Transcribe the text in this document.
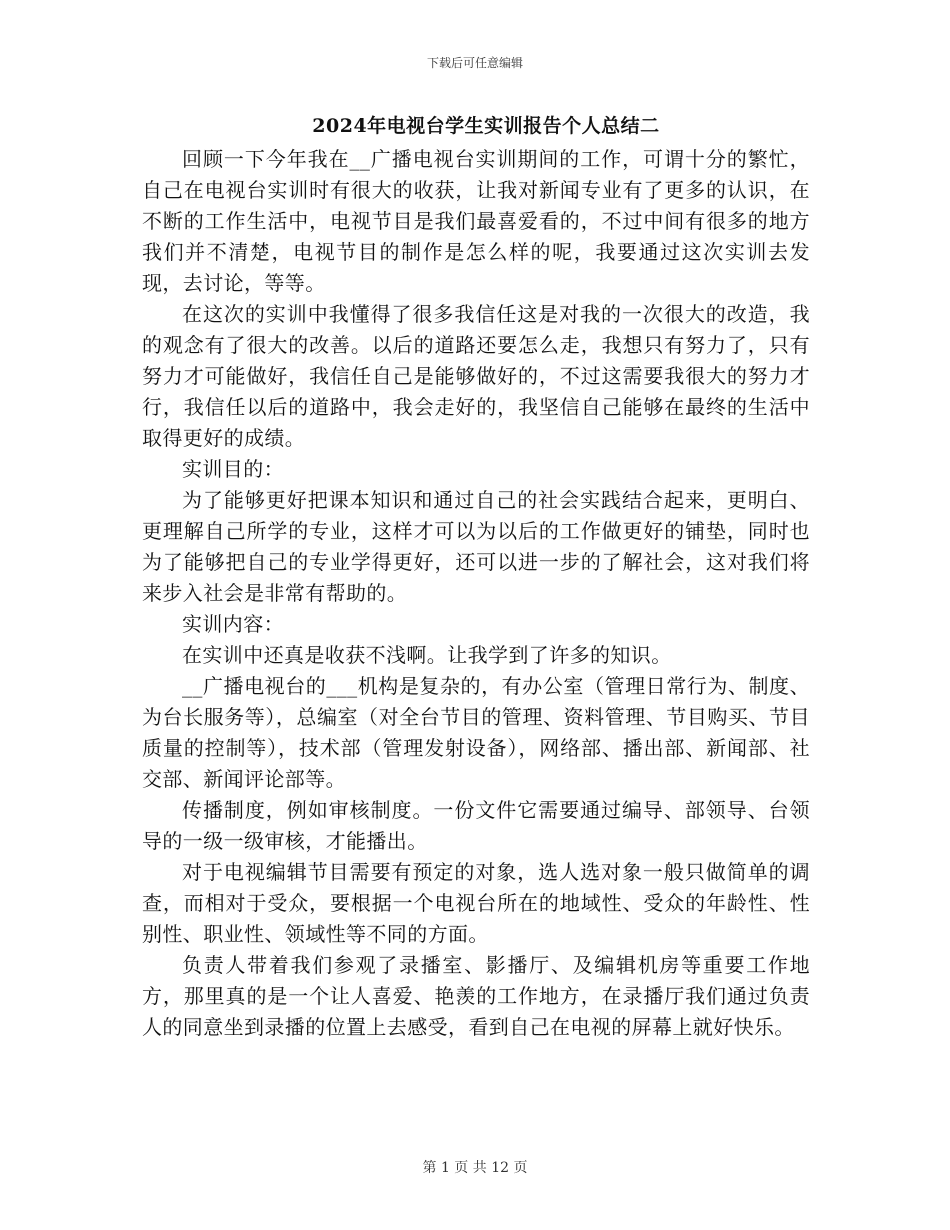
下载后可任意编辑
2024年电视台学生实训报告个人总结二

回顾一下今年我在__广播电视台实训期间的工作，可谓十分的繁忙，自己在电视台实训时有很大的收获，让我对新闻专业有了更多的认识，在不断的工作生活中，电视节目是我们最喜爱看的，不过中间有很多的地方我们并不清楚，电视节目的制作是怎么样的呢，我要通过这次实训去发现，去讨论，等等。

在这次的实训中我懂得了很多我信任这是对我的一次很大的改造，我的观念有了很大的改善。以后的道路还要怎么走，我想只有努力了，只有努力才可能做好，我信任自己是能够做好的，不过这需要我很大的努力才行，我信任以后的道路中，我会走好的，我坚信自己能够在最终的生活中取得更好的成绩。

实训目的：

为了能够更好把课本知识和通过自己的社会实践结合起来，更明白、更理解自己所学的专业，这样才可以为以后的工作做更好的铺垫，同时也为了能够把自己的专业学得更好，还可以进一步的了解社会，这对我们将来步入社会是非常有帮助的。

实训内容：

在实训中还真是收获不浅啊。让我学到了许多的知识。

__广播电视台的___机构是复杂的，有办公室（管理日常行为、制度、为台长服务等），总编室（对全台节目的管理、资料管理、节目购买、节目质量的控制等），技术部（管理发射设备），网络部、播出部、新闻部、社交部、新闻评论部等。

传播制度，例如审核制度。一份文件它需要通过编导、部领导、台领导的一级一级审核，才能播出。

对于电视编辑节目需要有预定的对象，选人选对象一般只做简单的调查，而相对于受众，要根据一个电视台所在的地域性、受众的年龄性、性别性、职业性、领域性等不同的方面。

负责人带着我们参观了录播室、影播厅、及编辑机房等重要工作地方，那里真的是一个让人喜爱、艳羡的工作地方，在录播厅我们通过负责人的同意坐到录播的位置上去感受，看到自己在电视的屏幕上就好快乐。

第 1 页 共 12 页
